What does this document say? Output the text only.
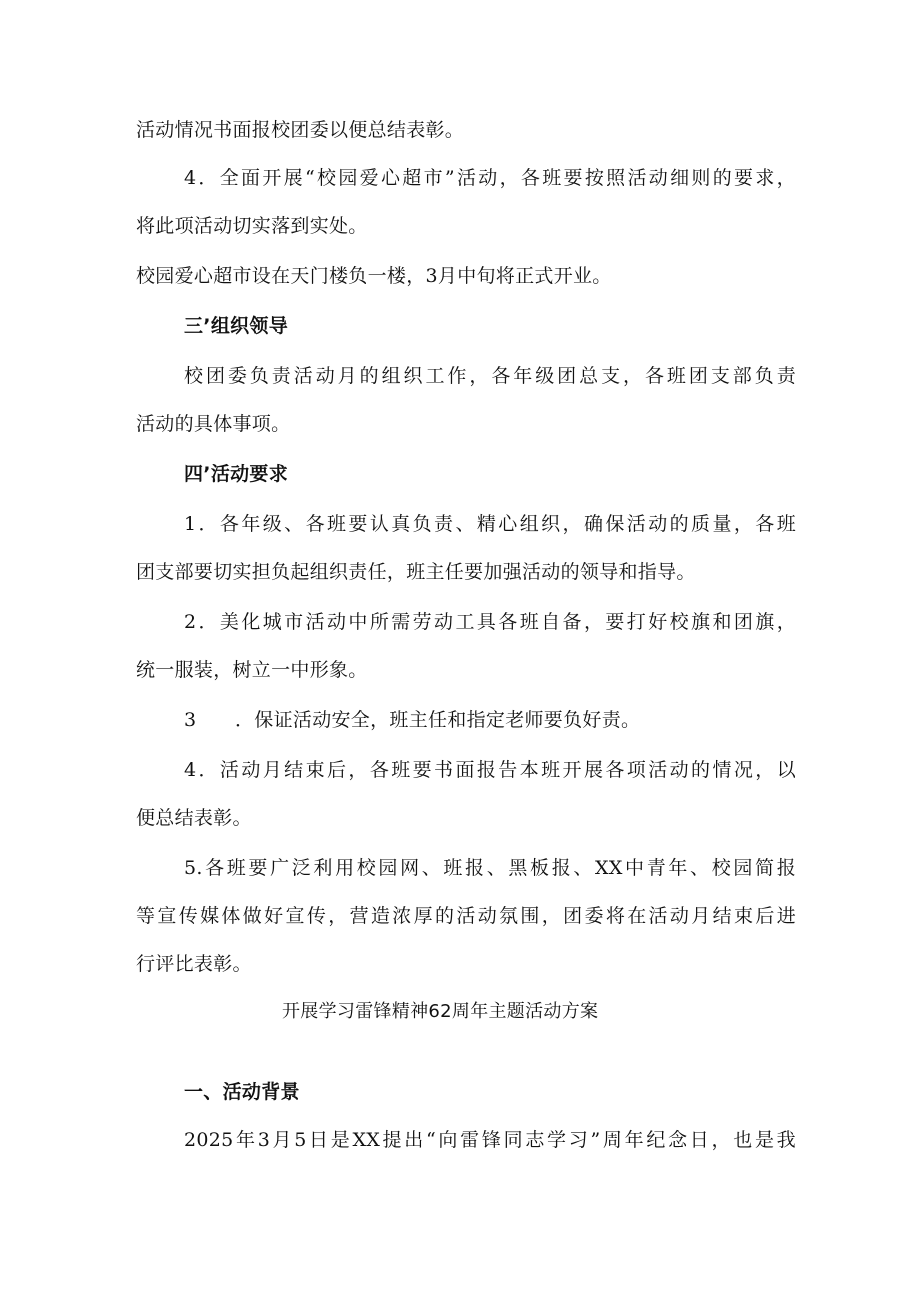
活动情况书面报校团委以便总结表彰。
4．全面开展“校园爱心超市”活动，各班要按照活动细则的要求，
将此项活动切实落到实处。
校园爱心超市设在天门楼负一楼，3月中旬将正式开业。
三’组织领导
校团委负责活动月的组织工作，各年级团总支，各班团支部负责
活动的具体事项。
四’活动要求
1．各年级、各班要认真负责、精心组织，确保活动的质量，各班
团支部要切实担负起组织责任，班主任要加强活动的领导和指导。
2．美化城市活动中所需劳动工具各班自备，要打好校旗和团旗，
统一服装，树立一中形象。
3　　．保证活动安全，班主任和指定老师要负好责。
4．活动月结束后，各班要书面报告本班开展各项活动的情况，以
便总结表彰。
5.各班要广泛利用校园网、班报、黑板报、XX中青年、校园简报
等宣传媒体做好宣传，营造浓厚的活动氛围，团委将在活动月结束后进
行评比表彰。
开展学习雷锋精神62周年主题活动方案
一、活动背景
2025年3月5日是XX提出“向雷锋同志学习”周年纪念日，也是我
